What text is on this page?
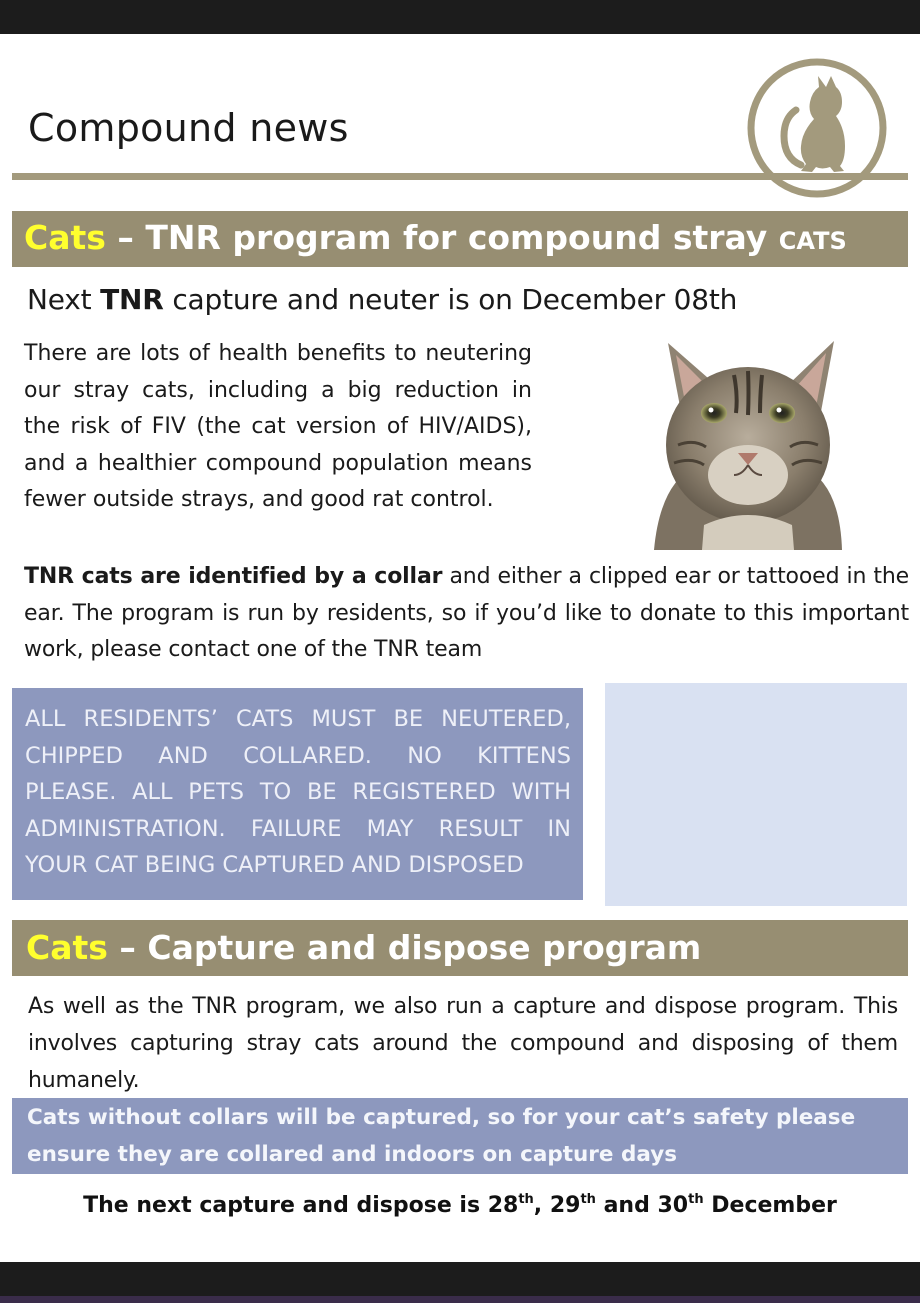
Compound news
Cats – TNR program for compound stray CATS
Next TNR capture and neuter is on December 08th
There are lots of health benefits to neutering our stray cats, including a big reduction in the risk of FIV (the cat version of HIV/AIDS), and a healthier compound population means fewer outside strays, and good rat control.
TNR cats are identified by a collar and either a clipped ear or tattooed in the ear. The program is run by residents, so if you’d like to donate to this important work, please contact one of the TNR team
ALL RESIDENTS’ CATS MUST BE NEUTERED,
CHIPPED AND COLLARED. NO KITTENS
PLEASE. ALL PETS TO BE REGISTERED WITH
ADMINISTRATION. FAILURE MAY RESULT IN
YOUR CAT BEING CAPTURED AND DISPOSED
Cats – Capture and dispose program
As well as the TNR program, we also run a capture and dispose program. This involves capturing stray cats around the compound and disposing of them humanely.
Cats without collars will be captured, so for your cat’s safety please ensure they are collared and indoors on capture days
The next capture and dispose is 28th, 29th and 30th December
